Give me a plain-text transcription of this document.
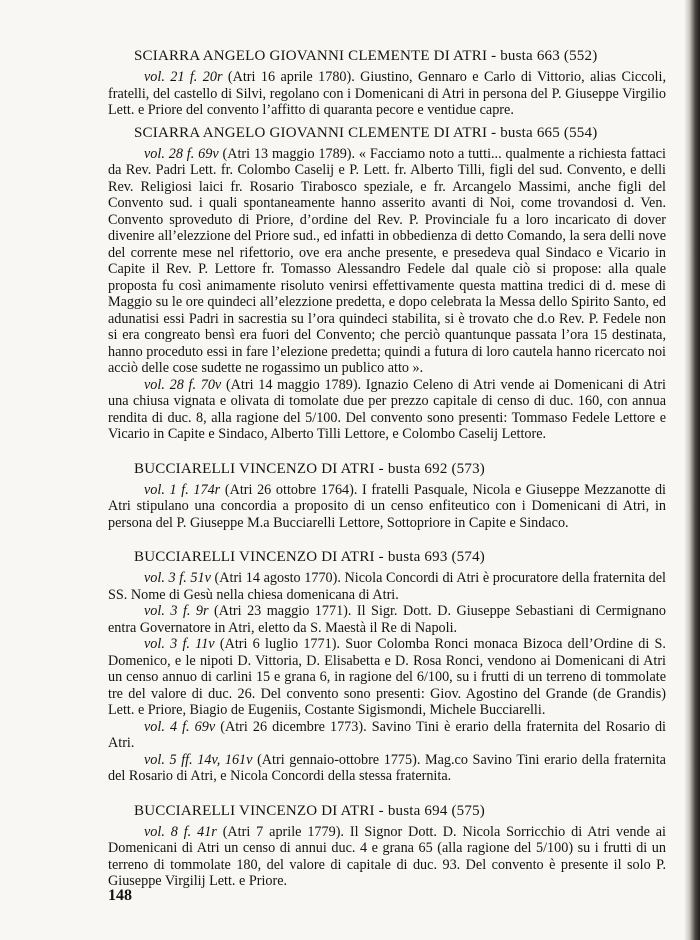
SCIARRA ANGELO GIOVANNI CLEMENTE DI ATRI - busta 663 (552)

vol. 21 f. 20r (Atri 16 aprile 1780). Giustino, Gennaro e Carlo di Vittorio, alias Ciccoli, fratelli, del castello di Silvi, regolano con i Domenicani di Atri in persona del P. Giuseppe Virgilio Lett. e Priore del convento l’affitto di quaranta pecore e ventidue capre.

SCIARRA ANGELO GIOVANNI CLEMENTE DI ATRI - busta 665 (554)

vol. 28 f. 69v (Atri 13 maggio 1789). « Facciamo noto a tutti... qualmente a richiesta fattaci da Rev. Padri Lett. fr. Colombo Caselij e P. Lett. fr. Alberto Tilli, figli del sud. Convento, e delli Rev. Religiosi laici fr. Rosario Tirabosco speziale, e fr. Arcangelo Massimi, anche figli del Convento sud. i quali spontaneamente hanno asserito avanti di Noi, come trovandosi d. Ven. Convento sproveduto di Priore, d’ordine del Rev. P. Provinciale fu a loro incaricato di dover divenire all’elezzione del Priore sud., ed infatti in obbedienza di detto Comando, la sera delli nove del corrente mese nel rifettorio, ove era anche presente, e presedeva qual Sindaco e Vicario in Capite il Rev. P. Lettore fr. Tomasso Alessandro Fedele dal quale ciò si propose: alla quale proposta fu così animamente risoluto venirsi effettivamente questa mattina tredici di d. mese di Maggio su le ore quindeci all’elezzione predetta, e dopo celebrata la Messa dello Spirito Santo, ed adunatisi essi Padri in sacrestia su l’ora quindeci stabilita, si è trovato che d.o Rev. P. Fedele non si era congreato bensì era fuori del Convento; che perciò quantunque passata l’ora 15 destinata, hanno proceduto essi in fare l’elezione predetta; quindi a futura di loro cautela hanno ricercato noi acciò delle cose sudette ne rogassimo un publico atto ».

vol. 28 f. 70v (Atri 14 maggio 1789). Ignazio Celeno di Atri vende ai Domenicani di Atri una chiusa vignata e olivata di tomolate due per prezzo capitale di censo di duc. 160, con annua rendita di duc. 8, alla ragione del 5/100. Del convento sono presenti: Tommaso Fedele Lettore e Vicario in Capite e Sindaco, Alberto Tilli Lettore, e Colombo Caselij Lettore.

BUCCIARELLI VINCENZO DI ATRI - busta 692 (573)

vol. 1 f. 174r (Atri 26 ottobre 1764). I fratelli Pasquale, Nicola e Giuseppe Mezzanotte di Atri stipulano una concordia a proposito di un censo enfiteutico con i Domenicani di Atri, in persona del P. Giuseppe M.a Bucciarelli Lettore, Sottopriore in Capite e Sindaco.

BUCCIARELLI VINCENZO DI ATRI - busta 693 (574)

vol. 3 f. 51v (Atri 14 agosto 1770). Nicola Concordi di Atri è procuratore della fraternita del SS. Nome di Gesù nella chiesa domenicana di Atri.

vol. 3 f. 9r (Atri 23 maggio 1771). Il Sigr. Dott. D. Giuseppe Sebastiani di Cermignano entra Governatore in Atri, eletto da S. Maestà il Re di Napoli.

vol. 3 f. 11v (Atri 6 luglio 1771). Suor Colomba Ronci monaca Bizoca dell’Ordine di S. Domenico, e le nipoti D. Vittoria, D. Elisabetta e D. Rosa Ronci, vendono ai Domenicani di Atri un censo annuo di carlini 15 e grana 6, in ragione del 6/100, su i frutti di un terreno di tommolate tre del valore di duc. 26. Del convento sono presenti: Giov. Agostino del Grande (de Grandis) Lett. e Priore, Biagio de Eugeniis, Costante Sigismondi, Michele Bucciarelli.

vol. 4 f. 69v (Atri 26 dicembre 1773). Savino Tini è erario della fraternita del Rosario di Atri.

vol. 5 ff. 14v, 161v (Atri gennaio-ottobre 1775). Mag.co Savino Tini erario della fraternita del Rosario di Atri, e Nicola Concordi della stessa fraternita.

BUCCIARELLI VINCENZO DI ATRI - busta 694 (575)

vol. 8 f. 41r (Atri 7 aprile 1779). Il Signor Dott. D. Nicola Sorricchio di Atri vende ai Domenicani di Atri un censo di annui duc. 4 e grana 65 (alla ragione del 5/100) su i frutti di un terreno di tommolate 180, del valore di capitale di duc. 93. Del convento è presente il solo P. Giuseppe Virgilij Lett. e Priore.

148
